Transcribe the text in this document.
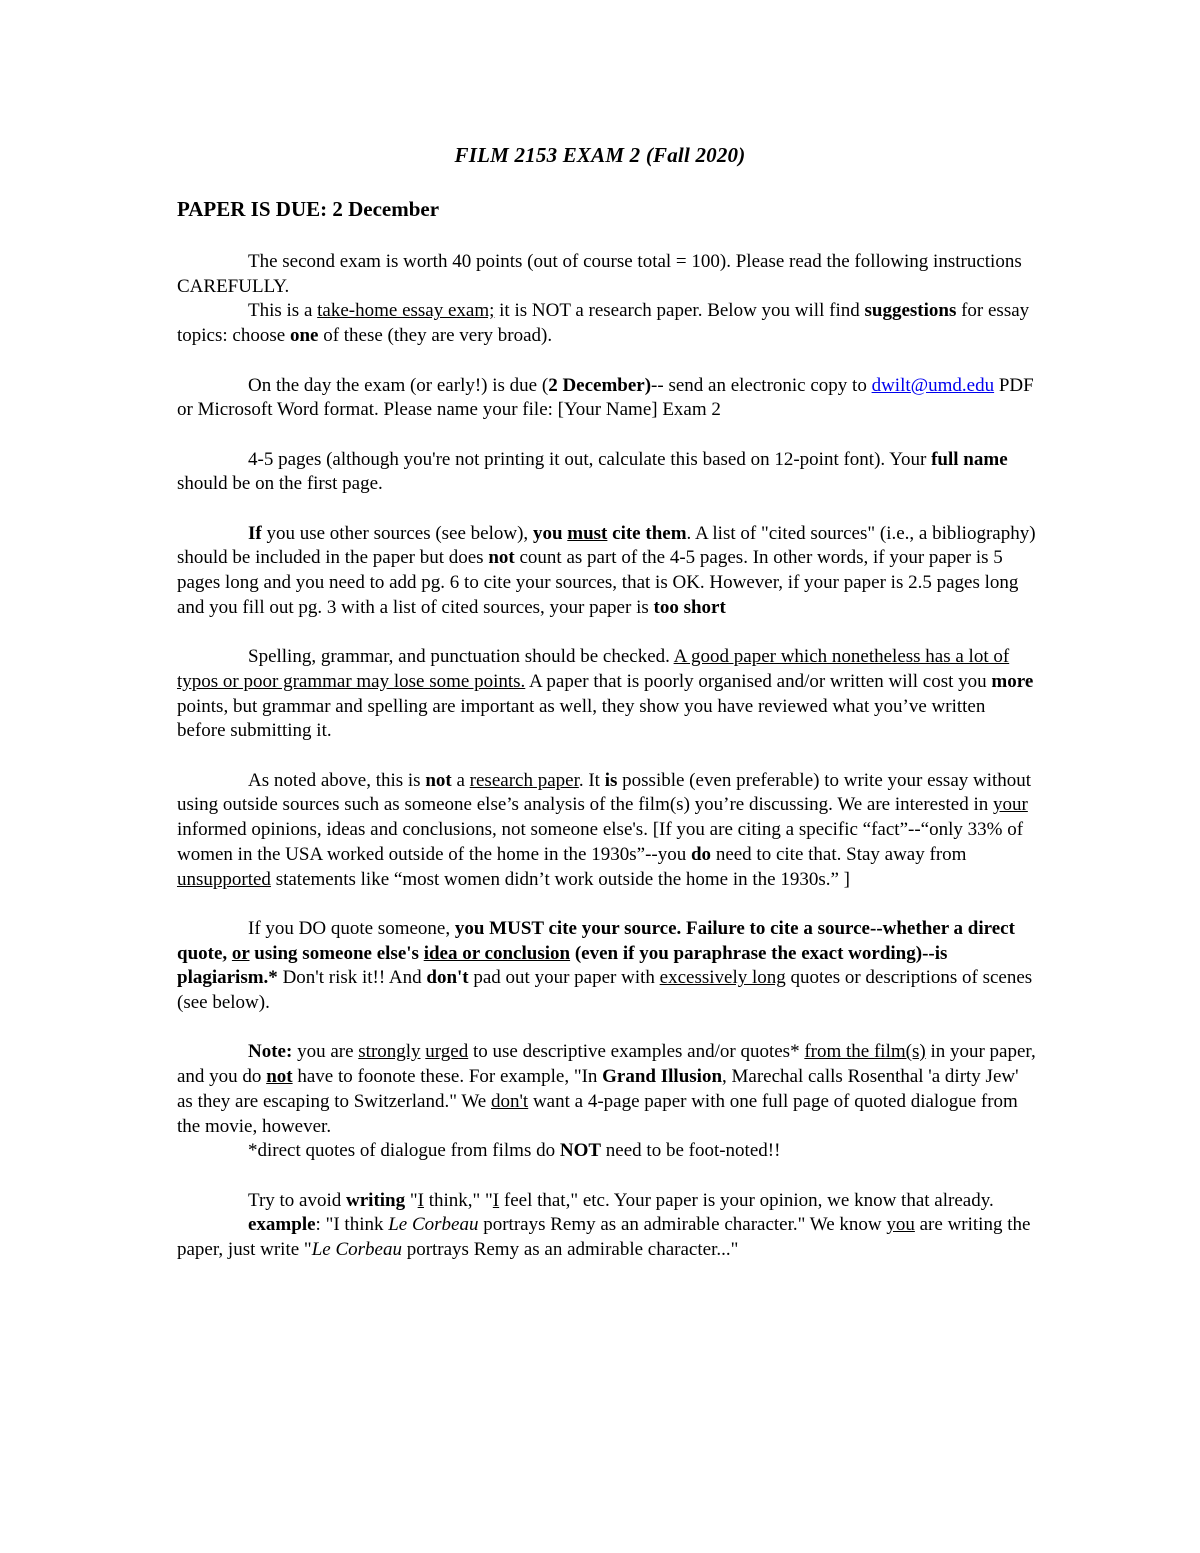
FILM 2153 EXAM 2 (Fall 2020)
PAPER IS DUE: 2 December

The second exam is worth 40 points (out of course total = 100). Please read the following instructions CAREFULLY.

This is a take-home essay exam; it is NOT a research paper. Below you will find suggestions for essay topics: choose one of these (they are very broad).

On the day the exam (or early!) is due (2 December)-- send an electronic copy to dwilt@umd.edu PDF or Microsoft Word format. Please name your file: [Your Name] Exam 2

4-5 pages (although you're not printing it out, calculate this based on 12-point font). Your full name should be on the first page.

If you use other sources (see below), you must cite them. A list of "cited sources" (i.e., a bibliography) should be included in the paper but does not count as part of the 4-5 pages. In other words, if your paper is 5 pages long and you need to add pg. 6 to cite your sources, that is OK. However, if your paper is 2.5 pages long and you fill out pg. 3 with a list of cited sources, your paper is too short

Spelling, grammar, and punctuation should be checked. A good paper which nonetheless has a lot of typos or poor grammar may lose some points. A paper that is poorly organised and/or written will cost you more points, but grammar and spelling are important as well, they show you have reviewed what you’ve written before submitting it.

As noted above, this is not a research paper. It is possible (even preferable) to write your essay without using outside sources such as someone else’s analysis of the film(s) you’re discussing. We are interested in your informed opinions, ideas and conclusions, not someone else's. [If you are citing a specific “fact”--“only 33% of women in the USA worked outside of the home in the 1930s”--you do need to cite that. Stay away from unsupported statements like “most women didn’t work outside the home in the 1930s.” ]

If you DO quote someone, you MUST cite your source. Failure to cite a source--whether a direct quote, or using someone else's idea or conclusion (even if you paraphrase the exact wording)--is plagiarism.* Don't risk it!! And don't pad out your paper with excessively long quotes or descriptions of scenes (see below).

Note: you are strongly urged to use descriptive examples and/or quotes* from the film(s) in your paper, and you do not have to foonote these. For example, "In Grand Illusion, Marechal calls Rosenthal 'a dirty Jew' as they are escaping to Switzerland." We don't want a 4-page paper with one full page of quoted dialogue from the movie, however.

*direct quotes of dialogue from films do NOT need to be foot-noted!!

Try to avoid writing "I think," "I feel that," etc. Your paper is your opinion, we know that already.

example: "I think Le Corbeau portrays Remy as an admirable character." We know you are writing the paper, just write "Le Corbeau portrays Remy as an admirable character..."
